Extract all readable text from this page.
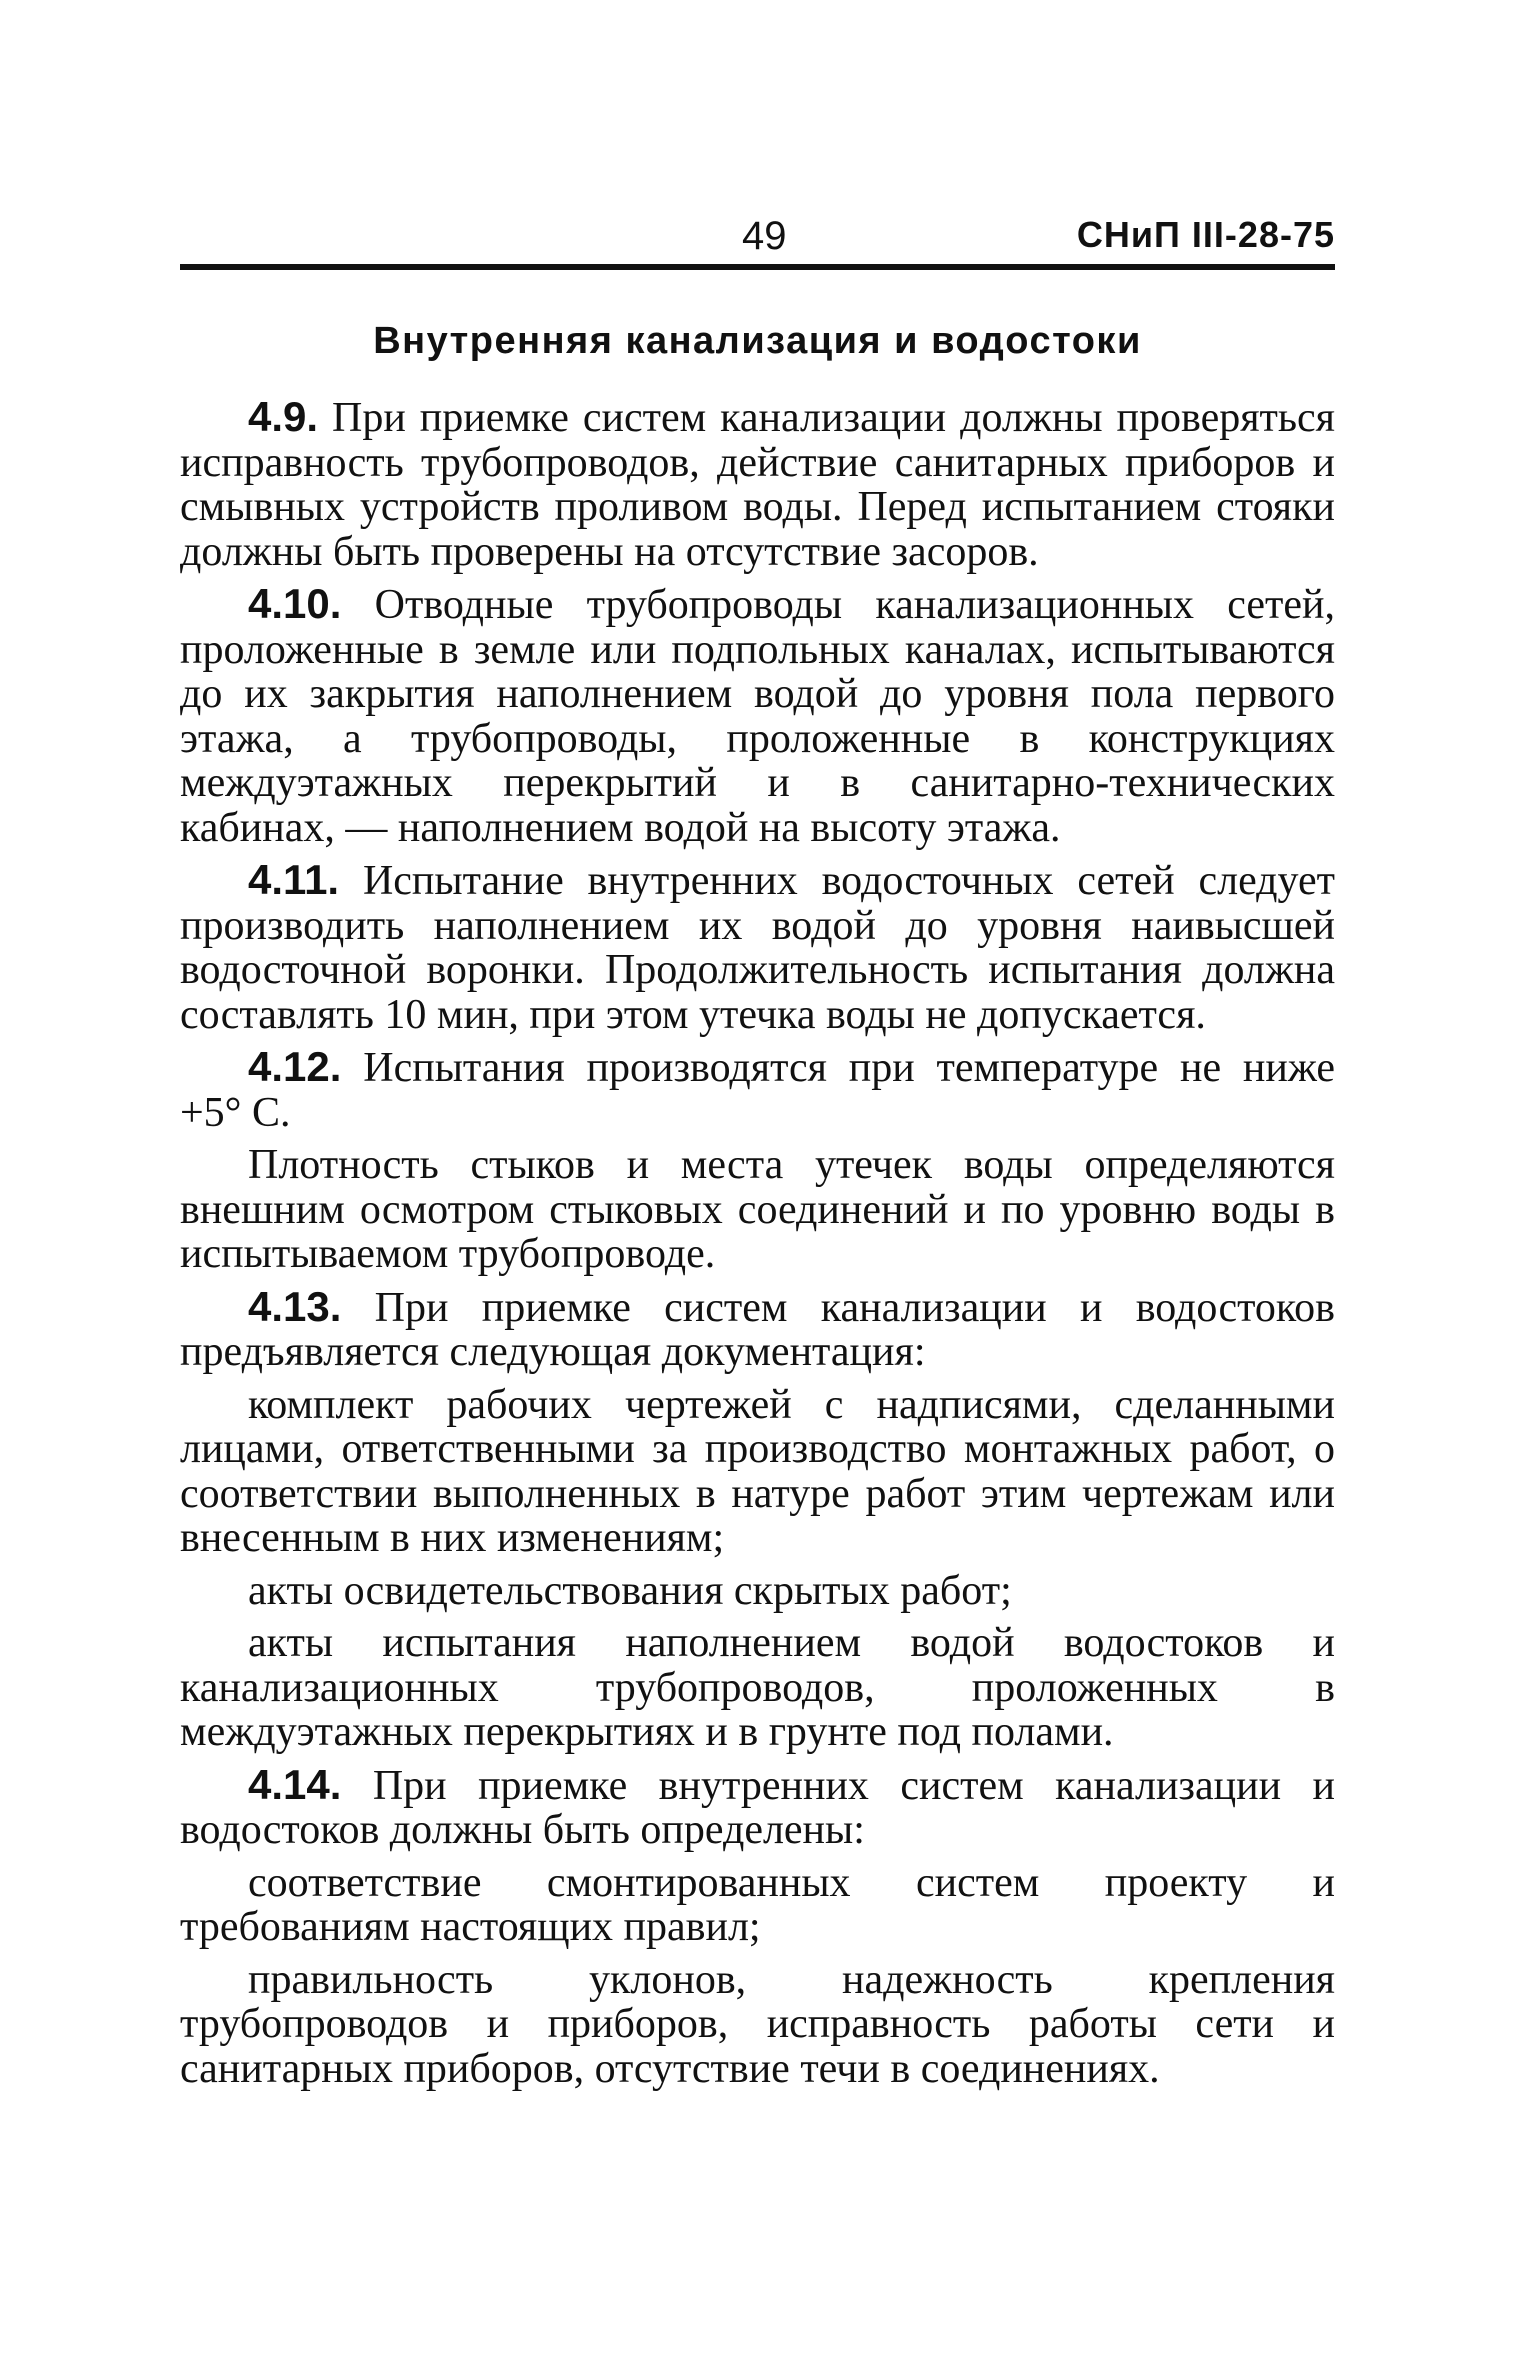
49	СНиП III-28-75
Внутренняя канализация и водостоки

4.9. При приемке систем канализации должны проверяться исправность трубопроводов, действие санитарных приборов и смывных устройств проливом воды. Перед испытанием стояки должны быть проверены на отсутствие засоров.

4.10. Отводные трубопроводы канализационных сетей, проложенные в земле или подпольных каналах, испытываются до их закрытия наполнением водой до уровня пола первого этажа, а трубопроводы, проложенные в конструкциях междуэтажных перекрытий и в санитарно-технических кабинах, — наполнением водой на высоту этажа.

4.11. Испытание внутренних водосточных сетей следует производить наполнением их водой до уровня наивысшей водосточной воронки. Продолжительность испытания должна составлять 10 мин, при этом утечка воды не допускается.

4.12. Испытания производятся при температуре не ниже +5° С.

Плотность стыков и места утечек воды определяются внешним осмотром стыковых соединений и по уровню воды в испытываемом трубопроводе.

4.13. При приемке систем канализации и водостоков предъявляется следующая документация:

комплект рабочих чертежей с надписями, сделанными лицами, ответственными за производство монтажных работ, о соответствии выполненных в натуре работ этим чертежам или внесенным в них изменениям;

акты освидетельствования скрытых работ;

акты испытания наполнением водой водостоков и канализационных трубопроводов, проложенных в междуэтажных перекрытиях и в грунте под полами.

4.14. При приемке внутренних систем канализации и водостоков должны быть определены:

соответствие смонтированных систем проекту и требованиям настоящих правил;

правильность уклонов, надежность крепления трубопроводов и приборов, исправность работы сети и санитарных приборов, отсутствие течи в соединениях.
